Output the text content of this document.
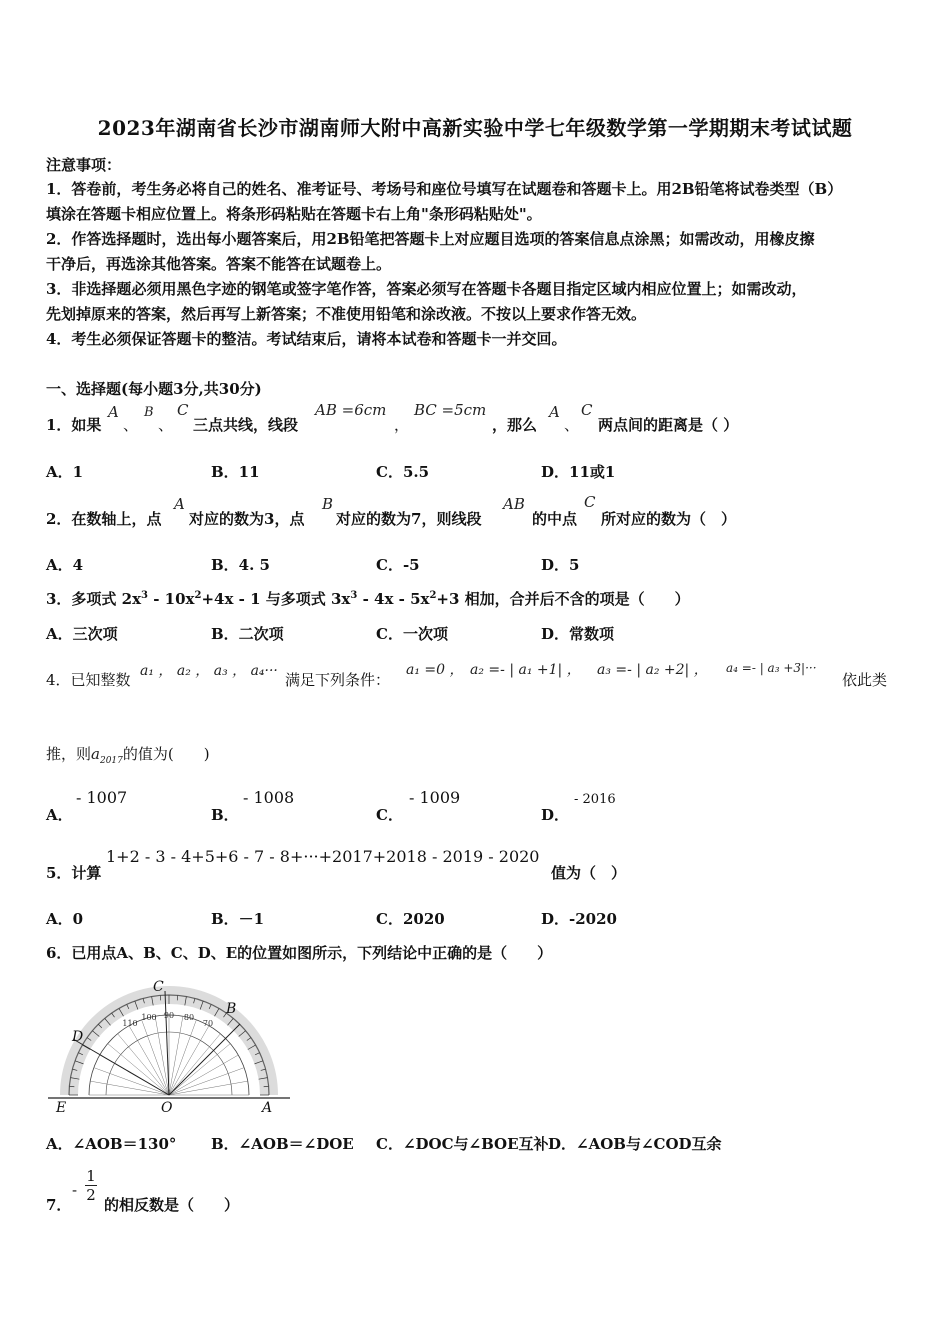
2023年湖南省长沙市湖南师大附中高新实验中学七年级数学第一学期期末考试试题
注意事项：
1．答卷前，考生务必将自己的姓名、准考证号、考场号和座位号填写在试题卷和答题卡上。用2B铅笔将试卷类型（B）
填涂在答题卡相应位置上。将条形码粘贴在答题卡右上角"条形码粘贴处"。
2．作答选择题时，选出每小题答案后，用2B铅笔把答题卡上对应题目选项的答案信息点涂黑；如需改动，用橡皮擦
干净后，再选涂其他答案。答案不能答在试题卷上。
3．非选择题必须用黑色字迹的钢笔或签字笔作答，答案必须写在答题卡各题目指定区域内相应位置上；如需改动，
先划掉原来的答案，然后再写上新答案；不准使用铅笔和涂改液。不按以上要求作答无效。
4．考生必须保证答题卡的整洁。考试结束后，请将本试卷和答题卡一并交回。
一、选择题(每小题3分,共30分)
1．如果
A
、
B
、
C
三点共线，线段
AB =6cm
，
BC =5cm
，那么
A
、
C
两点间的距离是（ ）
A．1	B．11	C．5.5	D．11或1
2．在数轴上，点
A
对应的数为3，点
B
对应的数为7，则线段
AB
的中点
C
所对应的数为（　）
A．4	B．4. 5	C．-5	D．5
3．多项式 $2x^3 - 10x^2+4x - 1$ 与多项式 $3x^3 - 4x - 5x^2+3$ 相加，合并后不含的项是（　　）
A．三次项	B．二次项	C．一次项	D．常数项
4．已知整数 a₁ ， a₂ ， a₃ ， a₄··· 满足下列条件：
a₁ =0 ， a₂ =- | a₁ +1| ， a₃ =- | a₂ +2| ， a₄ =- | a₃ +3|···
依此类
推，则$a_{2017}$的值为(　　)
A．
- 1007
B．
- 1008
C．
- 1009
D．
- 2016
5．计算
1+2 - 3 - 4+5+6 - 7 - 8+···+2017+2018 - 2019 - 2020
值为（　）
A．0	B．－1	C．2020	D．-2020
6．已用点A、B、C、D、E的位置如图所示，下列结论中正确的是（　　）
90 80
100
70
110
C
B
D
E	O	A
A．∠AOB＝130° B．∠AOB＝∠DOE C．∠DOC与∠BOE互补 D．∠AOB与∠COD互余
7．
-
1
2
的相反数是（　　）
